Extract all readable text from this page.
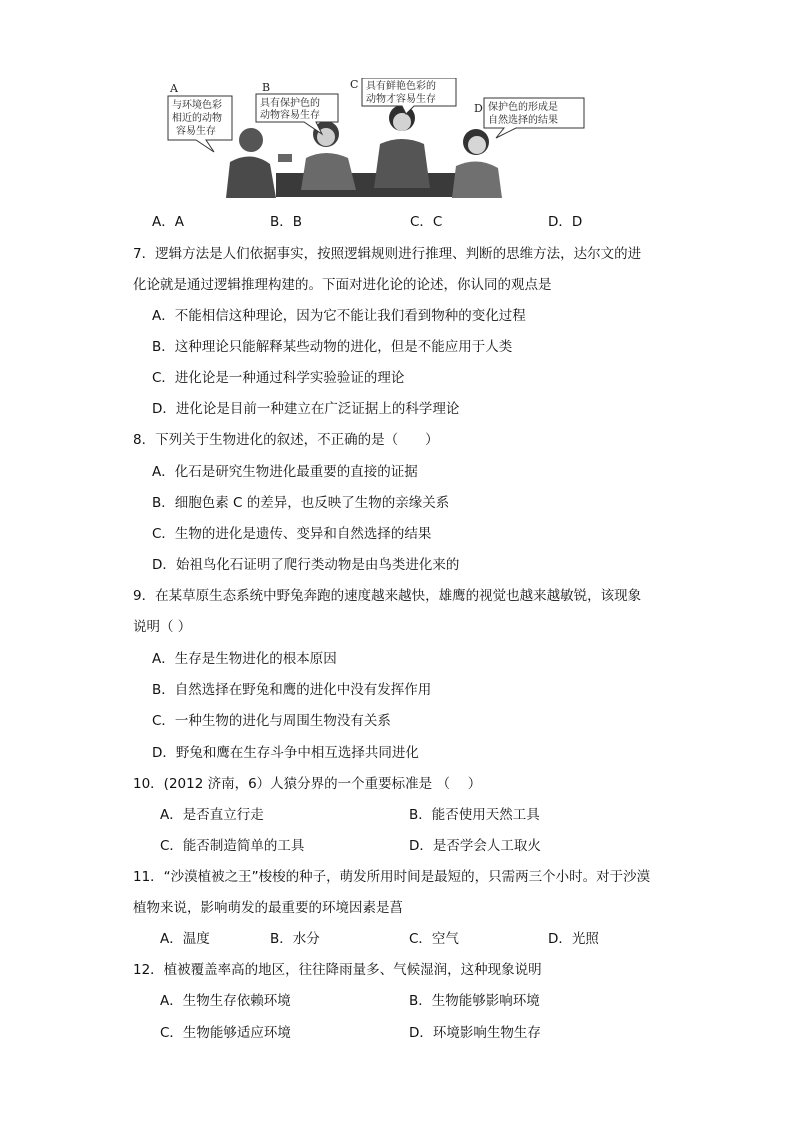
与环境色彩
相近的动物
容易生存
A
具有保护色的
动物容易生存
B	具有鲜艳色彩的
动物才容易生存
C
保护色的形成是
自然选择的结果
D
A．A	B．B	C．C	D．D
7．逻辑方法是人们依据事实，按照逻辑规则进行推理、判断的思维方法，达尔文的进
化论就是通过逻辑推理构建的。下面对进化论的论述，你认同的观点是
A．不能相信这种理论，因为它不能让我们看到物种的变化过程
B．这种理论只能解释某些动物的进化，但是不能应用于人类
C．进化论是一种通过科学实验验证的理论
D．进化论是目前一种建立在广泛证据上的科学理论
8．下列关于生物进化的叙述，不正确的是（　　）
A．化石是研究生物进化最重要的直接的证据
B．细胞色素 C 的差异，也反映了生物的亲缘关系
C．生物的进化是遗传、变异和自然选择的结果
D．始祖鸟化石证明了爬行类动物是由鸟类进化来的
9．在某草原生态系统中野兔奔跑的速度越来越快，雄鹰的视觉也越来越敏锐，该现象
说明（ ）
A．生存是生物进化的根本原因
B．自然选择在野兔和鹰的进化中没有发挥作用
C．一种生物的进化与周围生物没有关系
D．野兔和鹰在生存斗争中相互选择共同进化
10．(2012 济南，6）人猿分界的一个重要标准是 （　 ）
A．是否直立行走	B．能否使用天然工具
C．能否制造简单的工具	D．是否学会人工取火
11．“沙漠植被之王”梭梭的种子，萌发所用时间是最短的，只需两三个小时。对于沙漠
植物来说，影响萌发的最重要的环境因素是菖
A．温度	B．水分	C．空气	D．光照
12．植被覆盖率高的地区，往往降雨量多、气候湿润，这种现象说明
A．生物生存依赖环境	B．生物能够影响环境
C．生物能够适应环境	D．环境影响生物生存
